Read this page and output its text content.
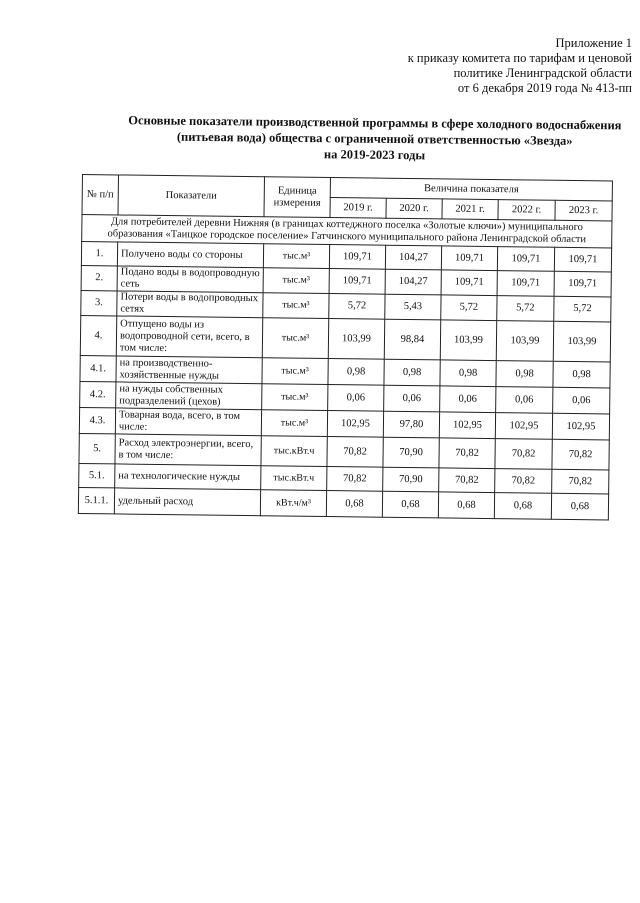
Приложение 1
к приказу комитета по тарифам и ценовой
политике Ленинградской области
от 6 декабря 2019 года № 413-пп
Основные показатели производственной программы в сфере холодного водоснабжения
(питьевая вода) общества с ограниченной ответственностью «Звезда»
на 2019-2023 годы
№ п/п	Показатели	Единица измерения	Величина показателя				
			2019 г.	2020 г.	2021 г.	2022 г.	2023 г.
Для потребителей деревни Нижняя (в границах коттеджного поселка «Золотые ключи») муниципального образования «Таицкое городское поселение» Гатчинского муниципального района Ленинградской области							
1.	Получено воды со стороны	тыс.м³	109,71	104,27	109,71	109,71	109,71
2.	Подано воды в водопроводную сеть	тыс.м³	109,71	104,27	109,71	109,71	109,71
3.	Потери воды в водопроводных сетях	тыс.м³	5,72	5,43	5,72	5,72	5,72
4.	Отпущено воды из водопроводной сети, всего, в том числе:	тыс.м³	103,99	98,84	103,99	103,99	103,99
4.1.	на производственно-хозяйственные нужды	тыс.м³	0,98	0,98	0,98	0,98	0,98
4.2.	на нужды собственных подразделений (цехов)	тыс.м³	0,06	0,06	0,06	0,06	0,06
4.3.	Товарная вода, всего, в том числе:	тыс.м³	102,95	97,80	102,95	102,95	102,95
5.	Расход электроэнергии, всего, в том числе:	тыс.кВт.ч	70,82	70,90	70,82	70,82	70,82
5.1.	на технологические нужды	тыс.кВт.ч	70,82	70,90	70,82	70,82	70,82
5.1.1.	удельный расход	кВт.ч/м³	0,68	0,68	0,68	0,68	0,68
